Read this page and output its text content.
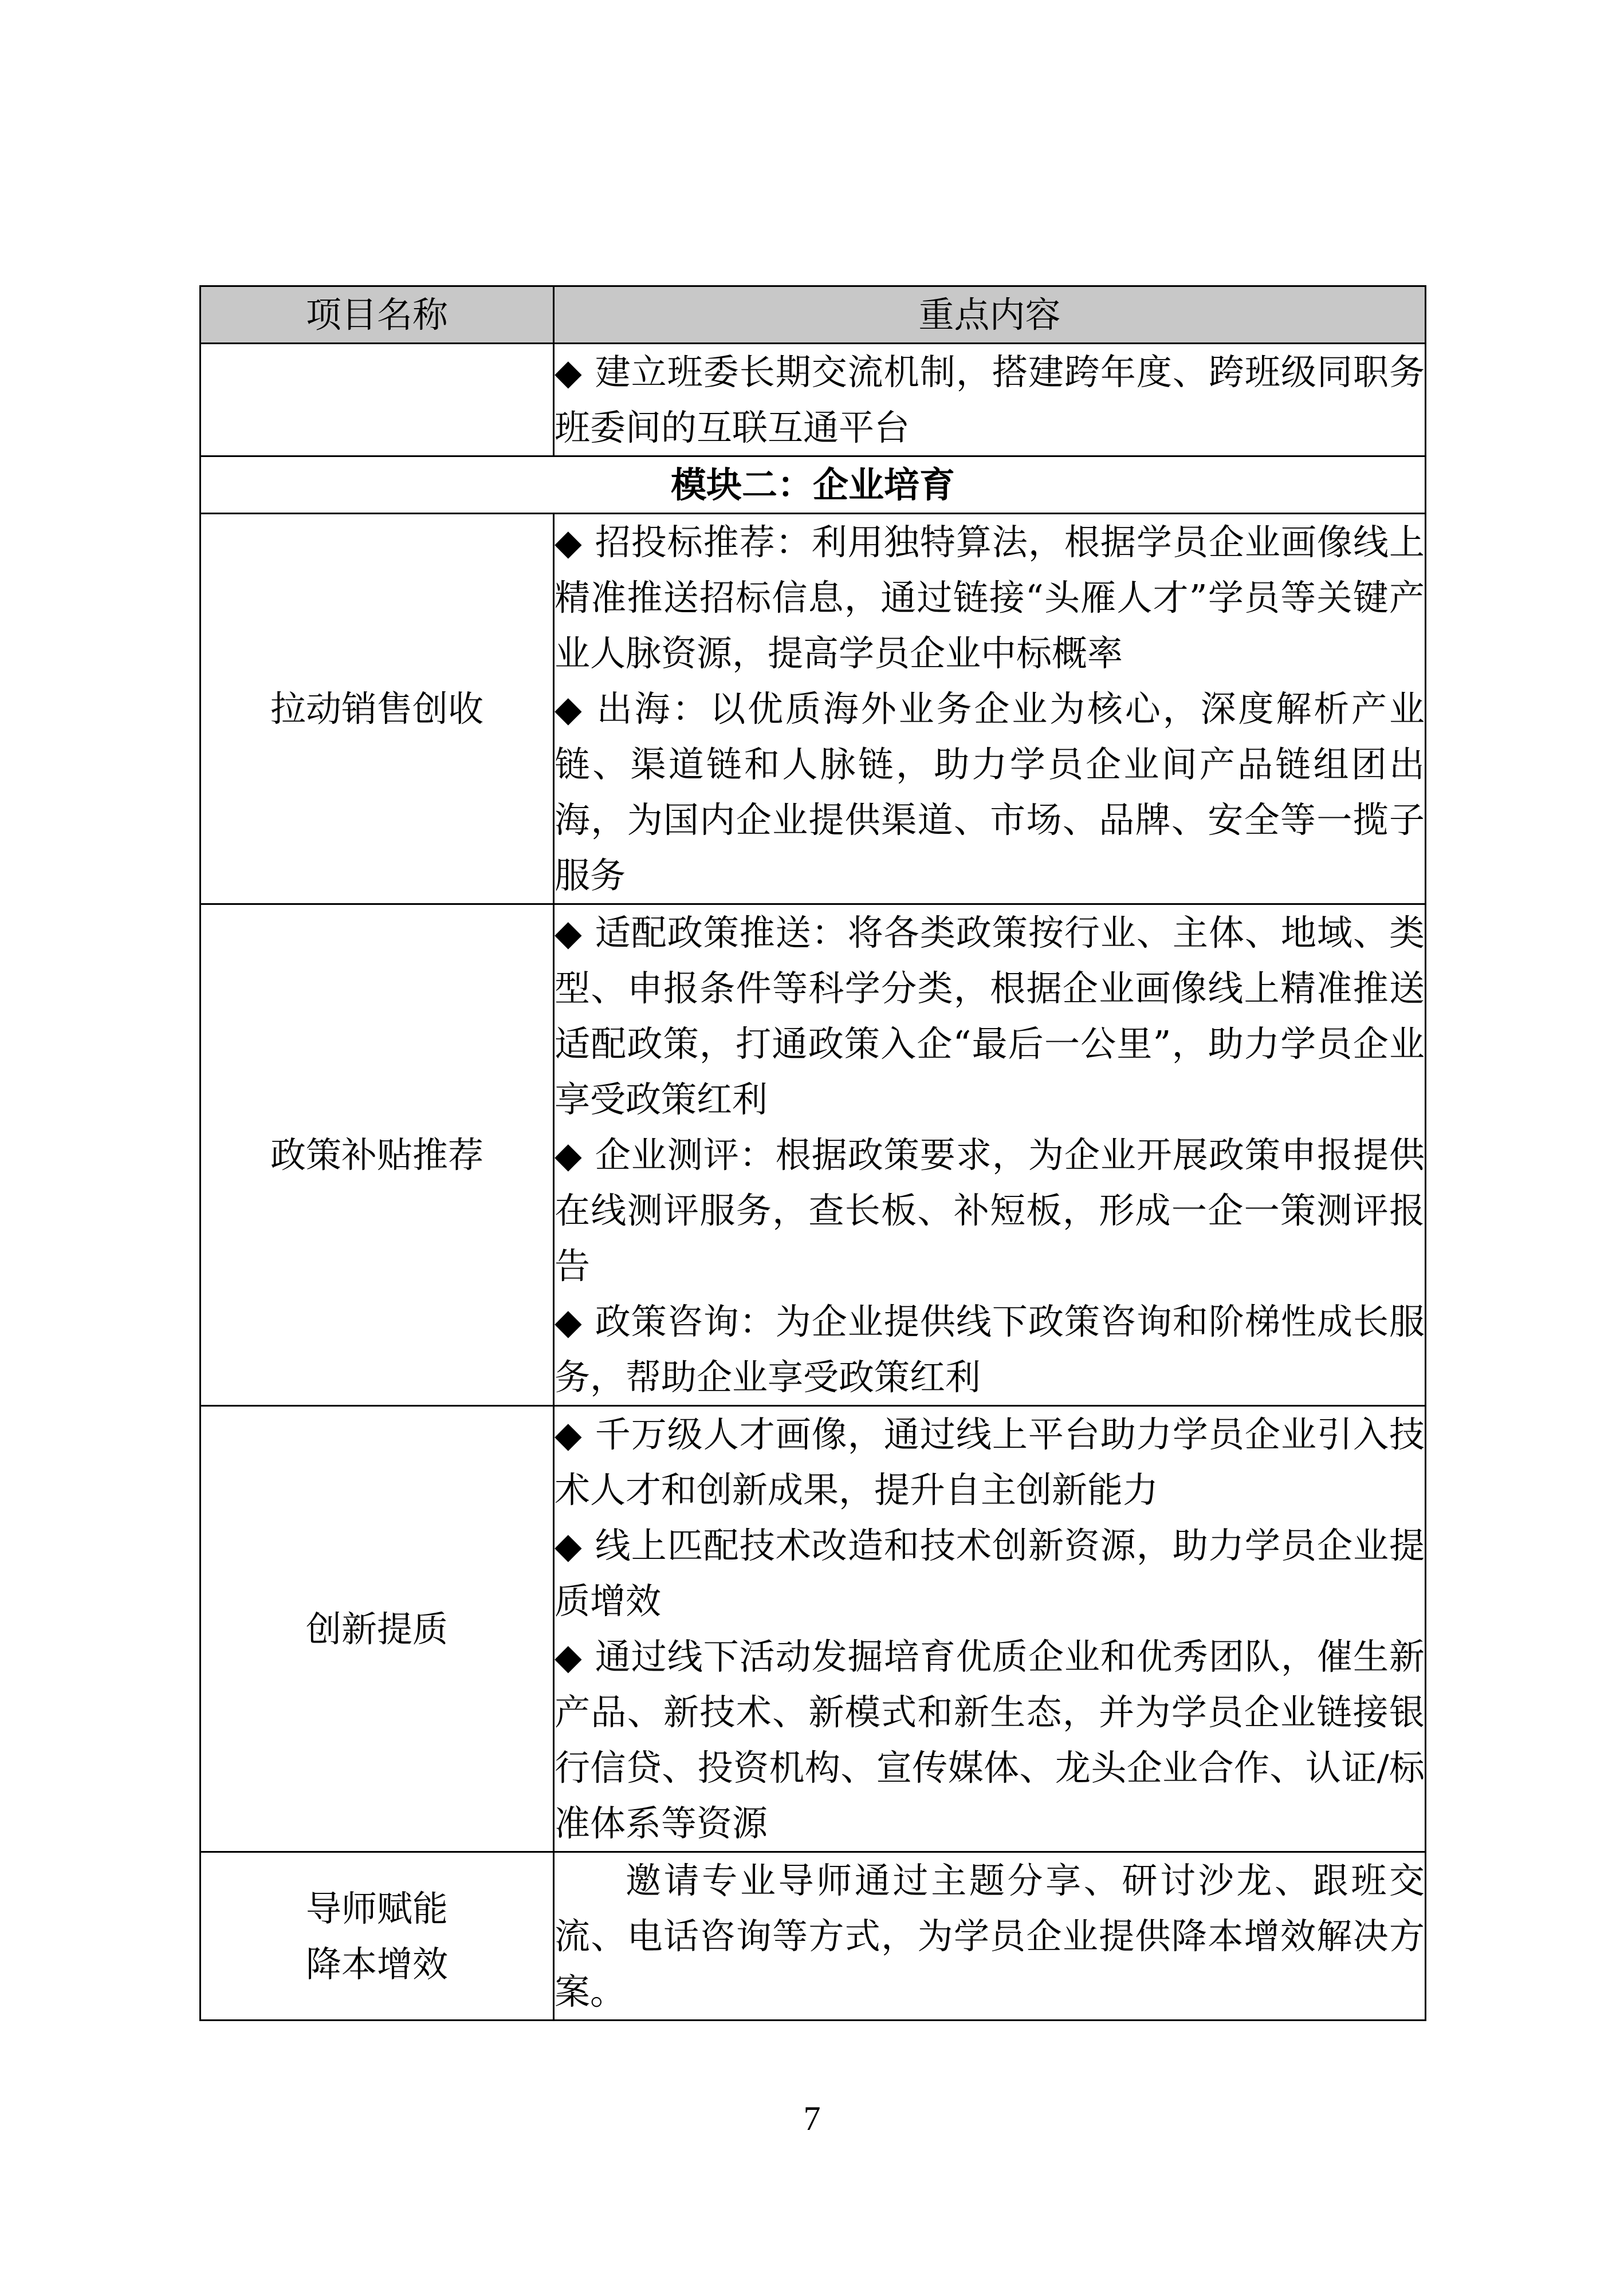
项目名称	重点内容

	◆ 建立班委长期交流机制，搭建跨年度、跨班级同职务班委间的互联互通平台

模块二：企业培育	
拉动销售创收	◆ 招投标推荐：利用独特算法，根据学员企业画像线上精准推送招标信息，通过链接“头雁人才”学员等关键产业人脉资源，提高学员企业中标概率
◆ 出海：以优质海外业务企业为核心，深度解析产业链、渠道链和人脉链，助力学员企业间产品链组团出海，为国内企业提供渠道、市场、品牌、安全等一揽子服务

政策补贴推荐	◆ 适配政策推送：将各类政策按行业、主体、地域、类型、申报条件等科学分类，根据企业画像线上精准推送适配政策，打通政策入企“最后一公里”，助力学员企业享受政策红利
◆ 企业测评：根据政策要求，为企业开展政策申报提供在线测评服务，查长板、补短板，形成一企一策测评报告
◆ 政策咨询：为企业提供线下政策咨询和阶梯性成长服务，帮助企业享受政策红利

创新提质	◆ 千万级人才画像，通过线上平台助力学员企业引入技术人才和创新成果，提升自主创新能力
◆ 线上匹配技术改造和技术创新资源，助力学员企业提质增效
◆ 通过线下活动发掘培育优质企业和优秀团队，催生新产品、新技术、新模式和新生态，并为学员企业链接银行信贷、投资机构、宣传媒体、龙头企业合作、认证/标准体系等资源

导师赋能
降本增效	邀请专业导师通过主题分享、研讨沙龙、跟班交流、电话咨询等方式，为学员企业提供降本增效解决方案。
7
